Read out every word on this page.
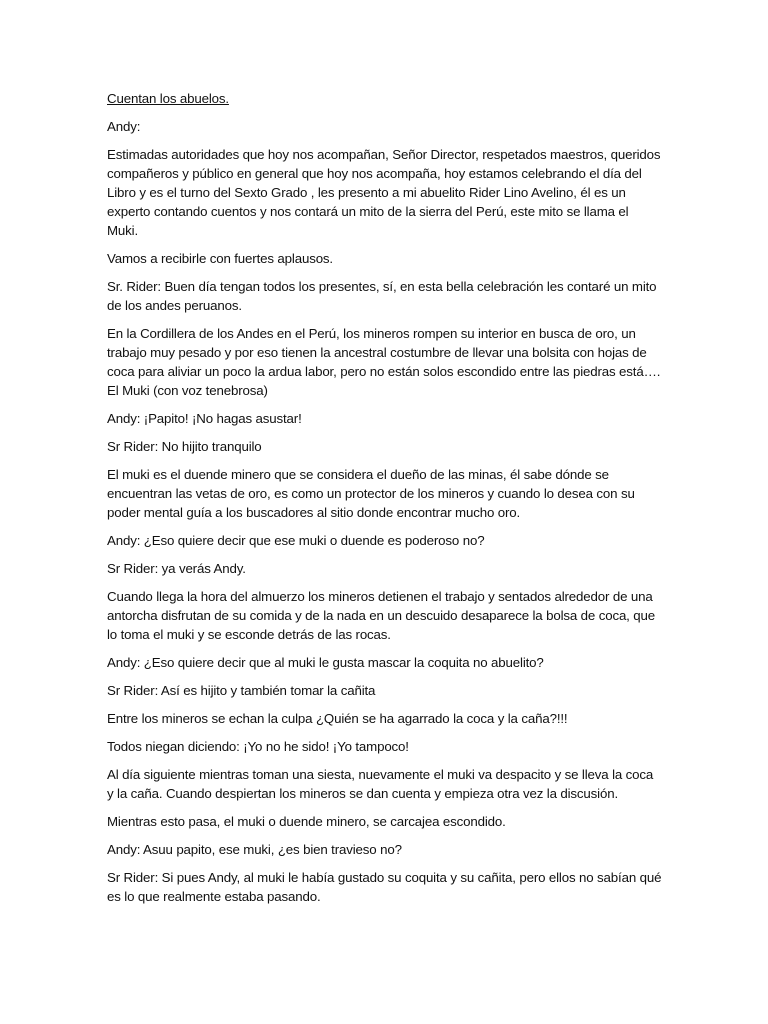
Cuentan los abuelos.

Andy:

Estimadas autoridades que hoy nos acompañan, Señor Director, respetados maestros, queridos compañeros y público en general que hoy nos acompaña, hoy estamos celebrando el día del Libro y es el turno del Sexto Grado , les presento a mi abuelito Rider Lino Avelino, él es un experto contando cuentos y nos contará un mito de la sierra del Perú, este mito se llama el Muki.

Vamos a recibirle con fuertes aplausos.

Sr. Rider: Buen día tengan todos los presentes, sí, en esta bella celebración les contaré un mito de los andes peruanos.

En la Cordillera de los Andes en el Perú, los mineros rompen su interior en busca de oro, un trabajo muy pesado y por eso tienen la ancestral costumbre de llevar una bolsita con hojas de coca para aliviar un poco la ardua labor, pero no están solos escondido entre las piedras está…. El Muki (con voz tenebrosa)

Andy: ¡Papito! ¡No hagas asustar!

Sr Rider: No hijito tranquilo

El muki es el duende minero que se considera el dueño de las minas, él sabe dónde se encuentran las vetas de oro, es como un protector de los mineros y cuando lo desea con su poder mental guía a los buscadores al sitio donde encontrar mucho oro.

Andy: ¿Eso quiere decir que ese muki o duende es poderoso no?

Sr Rider: ya verás Andy.

Cuando llega la hora del almuerzo los mineros detienen el trabajo y sentados alrededor de una antorcha disfrutan de su comida y de la nada en un descuido desaparece la bolsa de coca, que lo toma el muki y se esconde detrás de las rocas.

Andy: ¿Eso quiere decir que al muki le gusta mascar la coquita no abuelito?

Sr Rider: Así es hijito y también tomar la cañita

Entre los mineros se echan la culpa ¿Quién se ha agarrado la coca y la caña?!!!

Todos niegan diciendo: ¡Yo no he sido! ¡Yo tampoco!

Al día siguiente mientras toman una siesta, nuevamente el muki va despacito y se lleva la coca y la caña. Cuando despiertan los mineros se dan cuenta y empieza otra vez la discusión.

Mientras esto pasa, el muki o duende minero, se carcajea escondido.

Andy: Asuu papito, ese muki, ¿es bien travieso no?

Sr Rider: Si pues Andy, al muki le había gustado su coquita y su cañita, pero ellos no sabían qué es lo que realmente estaba pasando.
